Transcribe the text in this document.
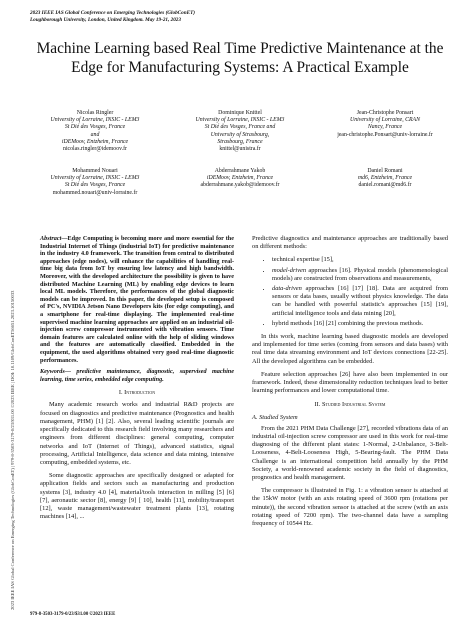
2023 IEEE IAS Global Conference on Emerging Technologies (GlobConET)
Loughborough University, London, United Kingdom. May 19-21, 2023
2023 IEEE IAS Global Conference on Emerging Technologies (GlobConET) | 979-8-3503-3179-0/23/$31.00 ©2023 IEEE | DOI: 10.1109/GlobConET56651.2023.10150033
Machine Learning based Real Time Predictive Maintenance at the Edge for Manufacturing Systems: A Practical Example
Nicolas Ringler
University of Lorraine, INSIC - LEM3
St Dié des Vosges, France
and
iDEMoov, Entzheim, France
nicolas.ringler@idemoov.fr
Dominique Knittel
University of Lorraine, INSIC - LEM3
St Dié des Vosges, France and
University of Strasbourg,
Strasbourg, France
knittel@unistra.fr
Jean-Christophe Ponsart
University of Lorraine, CRAN
Nancy, France
jean-christophe.Ponsart@univ-lorraine.fr
Mohammed Nouari
University of Lorraine, INSIC - LEM3
St Dié des Vosges, France
mohammed.nouari@univ-lorraine.fr
Abderrahmane Yakob
iDEMoov, Entzheim, France
abderrahmane.yakob@idemoov.fr
Daniel Romani
md6, Entzheim, France
daniel.romani@md6.fr
Abstract—Edge Computing is becoming more and more essential for the Industrial Internet of Things (industrial IoT) for predictive maintenance in the industry 4.0 framework. The transition from central to distributed approaches (edge nodes), will enhance the capabilities of handling real-time big data from IoT by ensuring low latency and high bandwidth. Moreover, with the developed architecture the possibility is given to have distributed Machine Learning (ML) by enabling edge devices to learn local ML models. Therefore, the performances of the global diagnostic models can be improved. In this paper, the developed setup is composed of PC's, NVIDIA Jetson Nano Developers kits (for edge computing), and a smartphone for real-time displaying. The implemented real-time supervised machine learning approaches are applied on an industrial oil-injection screw compressor instrumented with vibration sensors. Time domain features are calculated online with the help of sliding windows and the features are automatically classified. Embedded in the equipment, the used algorithms obtained very good real-time diagnostic performances.
Keywords— predictive maintenance, diagnostic, supervised machine learning, time series, embedded edge computing.
I. Introduction

Many academic research works and industrial R&D projects are focused on diagnostics and predictive maintenance (Prognostics and health management, PHM) [1] [2]. Also, several leading scientific journals are specifically dedicated to this research field involving many researchers and engineers from different disciplines: general computing, computer networks and IoT (Internet of Things), advanced statistics, signal processing, Artificial Intelligence, data science and data mining, intensive computing, embedded systems, etc.

Some diagnostic approaches are specifically designed or adapted for application fields and sectors such as manufacturing and production systems [3], industry 4.0 [4], material/tools interaction in milling [5] [6] [7], aeronautic sector [8], energy [9] [ 10], health [11], mobility/transport [12], waste management/wastewater treatment plants [13], rotating machines [14], ...

Predictive diagnostics and maintenance approaches are traditionally based on different methods:

• technical expertise [15],
• model-driven approaches [16]. Physical models (phenomenological models) are constructed from observations and measurements,
• data-driven approaches [16] [17] [18]. Data are acquired from sensors or data bases, usually without physics knowledge. The data can be handled with powerful statistic's approaches [15] [19], artificial intelligence tools and data mining [20],
• hybrid methods [16] [21] combining the previous methods.

In this work, machine learning based diagnostic models are developed and implemented for time series (coming from sensors and data bases) with real time data streaming environment and IoT devices connections [22-25]. All the developed algorithms can be embedded.

Feature selection approaches [26] have also been implemented in our framework. Indeed, these dimensionality reduction techniques lead to better learning performances and lower computational time.

II. Studied Industrial System
A. Studied System

From the 2021 PHM Data Challenge [27], recorded vibrations data of an industrial oil-injection screw compressor are used in this work for real-time diagnosing of the different plant states: 1-Normal, 2-Unbalance, 3-Belt-Looseness, 4-Belt-Looseness High, 5-Bearing-fault. The PHM Data Challenge is an international competition held annually by the PHM Society, a world-renowned academic society in the field of diagnostics, prognostics and health management.

The compressor is illustrated in Fig. 1: a vibration sensor is attached at the 15kW motor (with an axis rotating speed of 3600 rpm (rotations per minute)), the second vibration sensor is attached at the screw (with an axis rotating speed of 7200 rpm). The two-channel data have a sampling frequency of 10544 Hz.

979-8-3503-3179-0/23/$31.00 ©2023 IEEE
